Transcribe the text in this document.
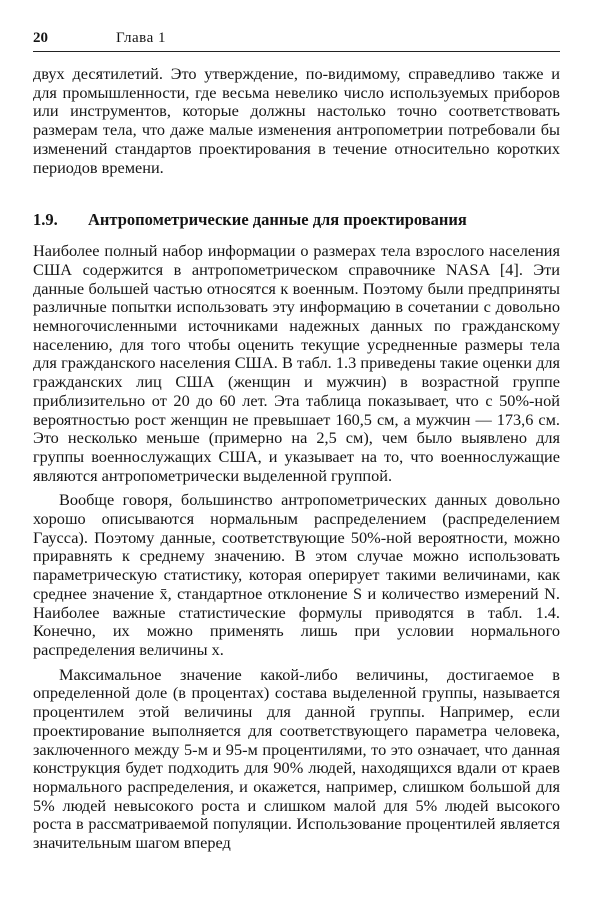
20	Глава 1

двух десятилетий. Это утверждение, по-видимому, справедливо также и для промышленности, где весьма невелико число используемых приборов или инструментов, которые должны настолько точно соответствовать размерам тела, что даже малые изменения антропометрии потребовали бы изменений стандартов проектирования в течение относительно коротких периодов времени.

1.9. Антропометрические данные для проектирования

Наиболее полный набор информации о размерах тела взрослого населения США содержится в антропометрическом справочнике NASA [4]. Эти данные большей частью относятся к военным. Поэтому были предприняты различные попытки использовать эту информацию в сочетании с довольно немногочисленными источниками надежных данных по гражданскому населению, для того чтобы оценить текущие усредненные размеры тела для гражданского населения США. В табл. 1.3 приведены такие оценки для гражданских лиц США (женщин и мужчин) в возрастной группе приблизительно от 20 до 60 лет. Эта таблица показывает, что с 50%-ной вероятностью рост женщин не превышает 160,5 см, а мужчин — 173,6 см. Это несколько меньше (примерно на 2,5 см), чем было выявлено для группы военнослужащих США, и указывает на то, что военнослужащие являются антропометрически выделенной группой.

Вообще говоря, большинство антропометрических данных довольно хорошо описываются нормальным распределением (распределением Гаусса). Поэтому данные, соответствующие 50%-ной вероятности, можно приравнять к среднему значению. В этом случае можно использовать параметрическую статистику, которая оперирует такими величинами, как среднее значение x̄, стандартное отклонение S и количество измерений N. Наиболее важные статистические формулы приводятся в табл. 1.4. Конечно, их можно применять лишь при условии нормального распределения величины x.

Максимальное значение какой-либо величины, достигаемое в определенной доле (в процентах) состава выделенной группы, называется процентилем этой величины для данной группы. Например, если проектирование выполняется для соответствующего параметра человека, заключенного между 5-м и 95-м процентилями, то это означает, что данная конструкция будет подходить для 90% людей, находящихся вдали от краев нормального распределения, и окажется, например, слишком большой для 5% людей невысокого роста и слишком малой для 5% людей высокого роста в рассматриваемой популяции. Использование процентилей является значительным шагом вперед
